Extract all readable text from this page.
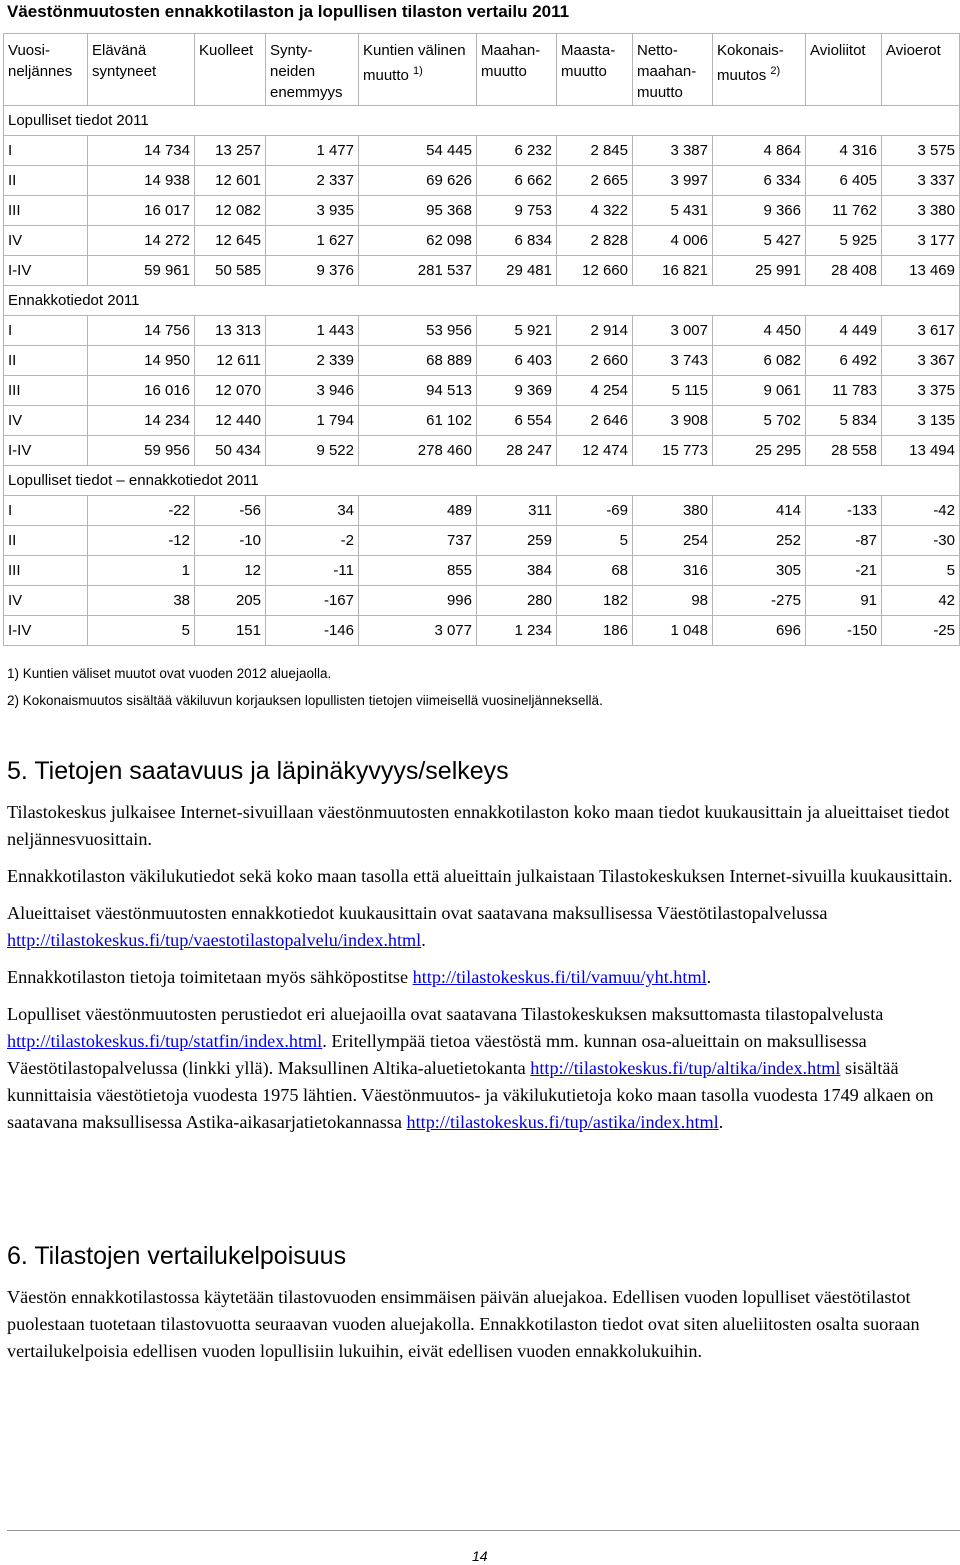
Väestönmuutosten ennakkotilaston ja lopullisen tilaston vertailu 2011
Vuosi-neljännes	Elävänä syntyneet	Kuolleet	Synty-neiden enemmyys	Kuntien välinen muutto $^{1)}$	Maahan-muutto	Maasta-muutto	Netto-maahan-muutto	Kokonais-muutos $^{2)}$	Avioliitot	Avioerot
Lopulliset tiedot 2011										
I	14 734	13 257	1 477	54 445	6 232	2 845	3 387	4 864	4 316	3 575
II	14 938	12 601	2 337	69 626	6 662	2 665	3 997	6 334	6 405	3 337
III	16 017	12 082	3 935	95 368	9 753	4 322	5 431	9 366	11 762	3 380
IV	14 272	12 645	1 627	62 098	6 834	2 828	4 006	5 427	5 925	3 177
I-IV	59 961	50 585	9 376	281 537	29 481	12 660	16 821	25 991	28 408	13 469
Ennakkotiedot 2011										
I	14 756	13 313	1 443	53 956	5 921	2 914	3 007	4 450	4 449	3 617
II	14 950	12 611	2 339	68 889	6 403	2 660	3 743	6 082	6 492	3 367
III	16 016	12 070	3 946	94 513	9 369	4 254	5 115	9 061	11 783	3 375
IV	14 234	12 440	1 794	61 102	6 554	2 646	3 908	5 702	5 834	3 135
I-IV	59 956	50 434	9 522	278 460	28 247	12 474	15 773	25 295	28 558	13 494
Lopulliset tiedot – ennakkotiedot 2011										
I	-22	-56	34	489	311	-69	380	414	-133	-42
II	-12	-10	-2	737	259	5	254	252	-87	-30
III	1	12	-11	855	384	68	316	305	-21	5
IV	38	205	-167	996	280	182	98	-275	91	42
I-IV	5	151	-146	3 077	1 234	186	1 048	696	-150	-25

1) Kuntien väliset muutot ovat vuoden 2012 aluejaolla.

2) Kokonaismuutos sisältää väkiluvun korjauksen lopullisten tietojen viimeisellä vuosineljänneksellä.

5. Tietojen saatavuus ja läpinäkyvyys/selkeys

Tilastokeskus julkaisee Internet-sivuillaan väestönmuutosten ennakkotilaston koko maan tiedot kuukausittain ja alueittaiset tiedot neljännesvuosittain.

Ennakkotilaston väkilukutiedot sekä koko maan tasolla että alueittain julkaistaan Tilastokeskuksen Internet-sivuilla kuukausittain.

Alueittaiset väestönmuutosten ennakkotiedot kuukausittain ovat saatavana maksullisessa Väestötilastopalvelussa http://tilastokeskus.fi/tup/vaestotilastopalvelu/index.html.

Ennakkotilaston tietoja toimitetaan myös sähköpostitse http://tilastokeskus.fi/til/vamuu/yht.html.

Lopulliset väestönmuutosten perustiedot eri aluejaoilla ovat saatavana Tilastokeskuksen maksuttomasta tilastopalvelusta http://tilastokeskus.fi/tup/statfin/index.html. Eritellympää tietoa väestöstä mm. kunnan osa-alueittain on maksullisessa Väestötilastopalvelussa (linkki yllä). Maksullinen Altika-aluetietokanta http://tilastokeskus.fi/tup/altika/index.html sisältää kunnittaisia väestötietoja vuodesta 1975 lähtien. Väestönmuutos- ja väkilukutietoja koko maan tasolla vuodesta 1749 alkaen on saatavana maksullisessa Astika-aikasarjatietokannassa http://tilastokeskus.fi/tup/astika/index.html.

6. Tilastojen vertailukelpoisuus

Väestön ennakkotilastossa käytetään tilastovuoden ensimmäisen päivän aluejakoa. Edellisen vuoden lopulliset väestötilastot puolestaan tuotetaan tilastovuotta seuraavan vuoden aluejakolla. Ennakkotilaston tiedot ovat siten alueliitosten osalta suoraan vertailukelpoisia edellisen vuoden lopullisiin lukuihin, eivät edellisen vuoden ennakkolukuihin.

14
